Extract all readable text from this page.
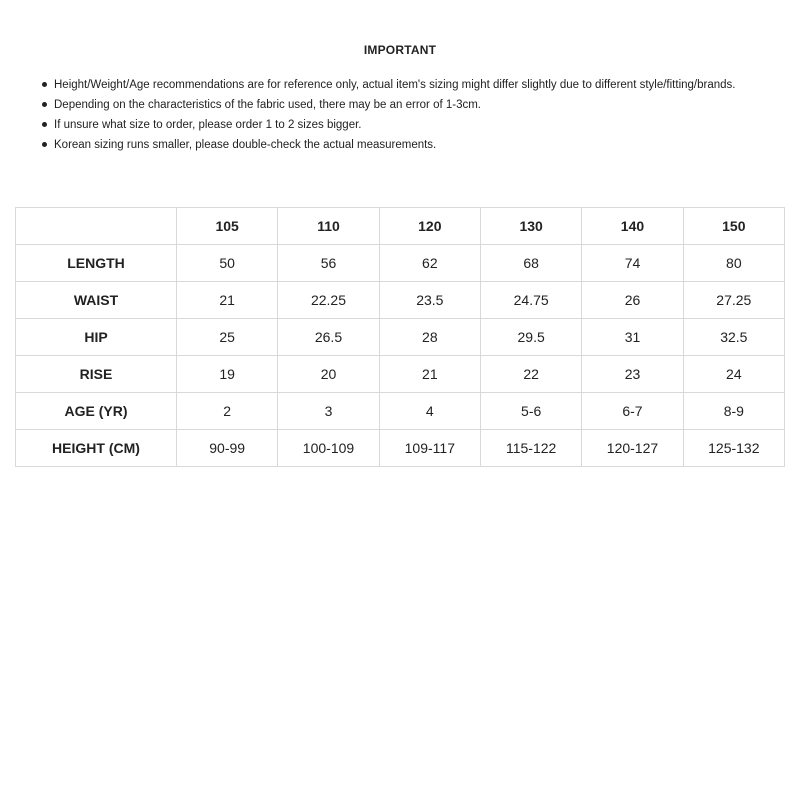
IMPORTANT
Height/Weight/Age recommendations are for reference only, actual item's sizing might differ slightly due to different style/fitting/brands.
Depending on the characteristics of the fabric used, there may be an error of 1-3cm.
If unsure what size to order, please order 1 to 2 sizes bigger.
Korean sizing runs smaller, please double-check the actual measurements.
	105	110	120	130	140	150
LENGTH	50	56	62	68	74	80
WAIST	21	22.25	23.5	24.75	26	27.25
HIP	25	26.5	28	29.5	31	32.5
RISE	19	20	21	22	23	24
AGE (YR)	2	3	4	5-6	6-7	8-9
HEIGHT (CM)	90-99	100-109	109-117	115-122	120-127	125-132
